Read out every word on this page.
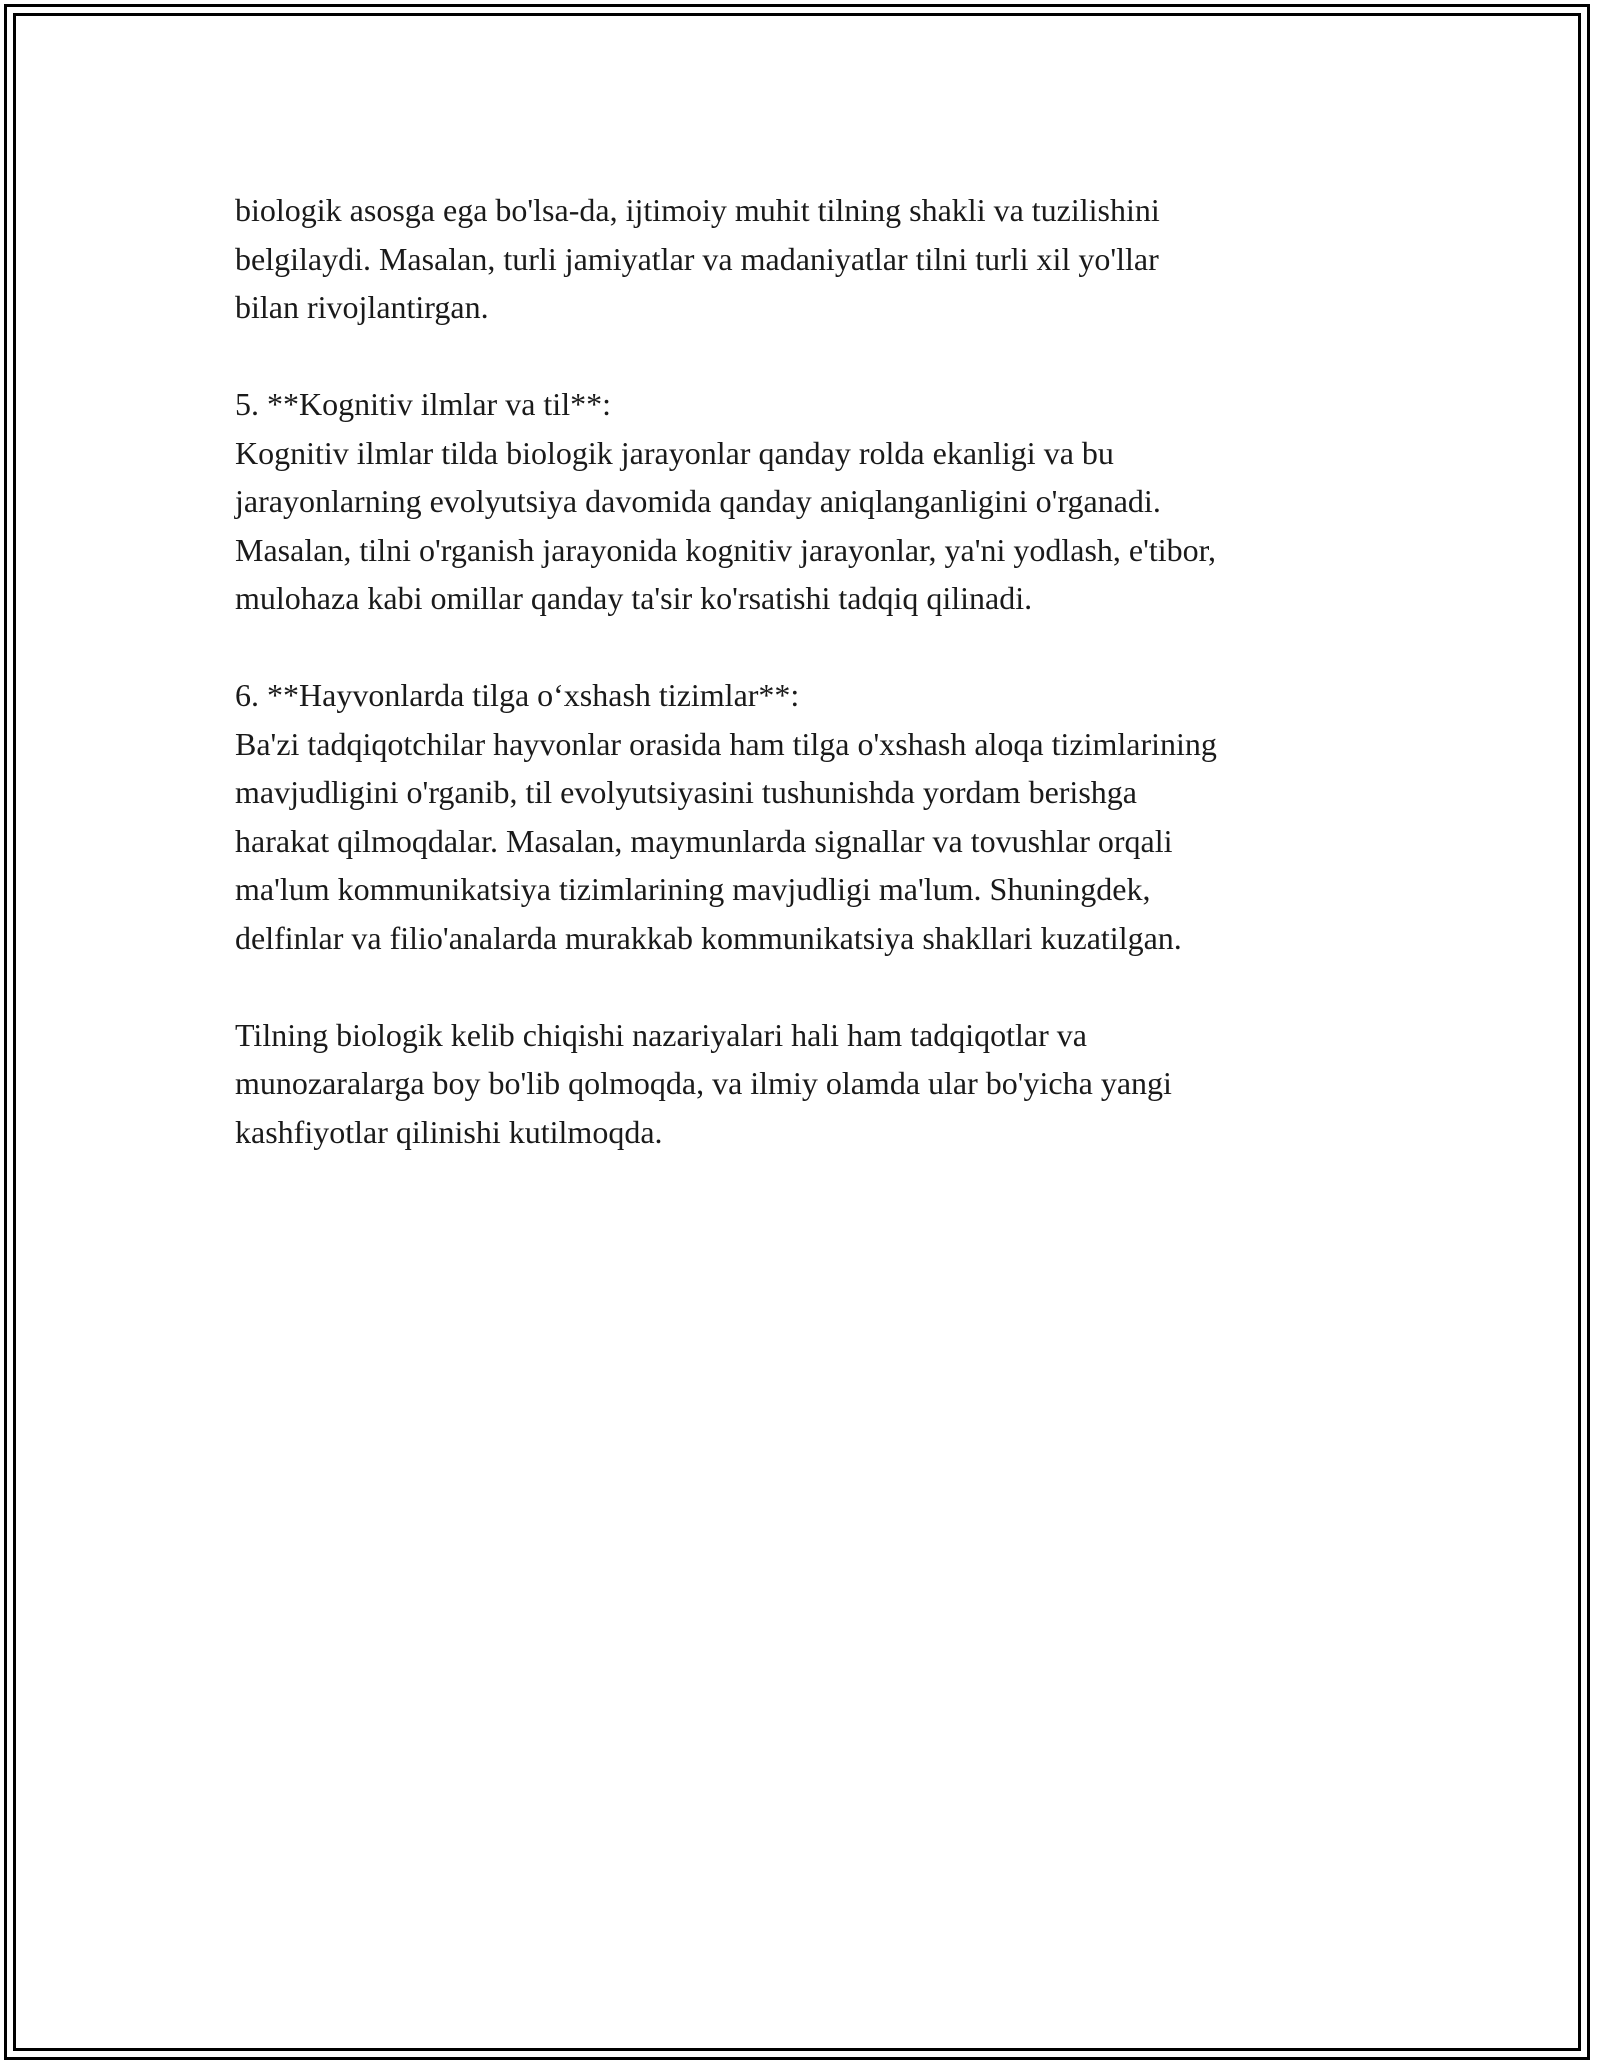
biologik asosga ega bo'lsa-da, ijtimoiy muhit tilning shakli va tuzilishini
belgilaydi. Masalan, turli jamiyatlar va madaniyatlar tilni turli xil yo'llar
bilan rivojlantirgan.

5. **Kognitiv ilmlar va til**:
Kognitiv ilmlar tilda biologik jarayonlar qanday rolda ekanligi va bu
jarayonlarning evolyutsiya davomida qanday aniqlanganligini o'rganadi.
Masalan, tilni o'rganish jarayonida kognitiv jarayonlar, ya'ni yodlash, e'tibor,
mulohaza kabi omillar qanday ta'sir ko'rsatishi tadqiq qilinadi.

6. **Hayvonlarda tilga o‘xshash tizimlar**:
Ba'zi tadqiqotchilar hayvonlar orasida ham tilga o'xshash aloqa tizimlarining
mavjudligini o'rganib, til evolyutsiyasini tushunishda yordam berishga
harakat qilmoqdalar. Masalan, maymunlarda signallar va tovushlar orqali
ma'lum kommunikatsiya tizimlarining mavjudligi ma'lum. Shuningdek,
delfinlar va filio'analarda murakkab kommunikatsiya shakllari kuzatilgan.

Tilning biologik kelib chiqishi nazariyalari hali ham tadqiqotlar va
munozaralarga boy bo'lib qolmoqda, va ilmiy olamda ular bo'yicha yangi
kashfiyotlar qilinishi kutilmoqda.
